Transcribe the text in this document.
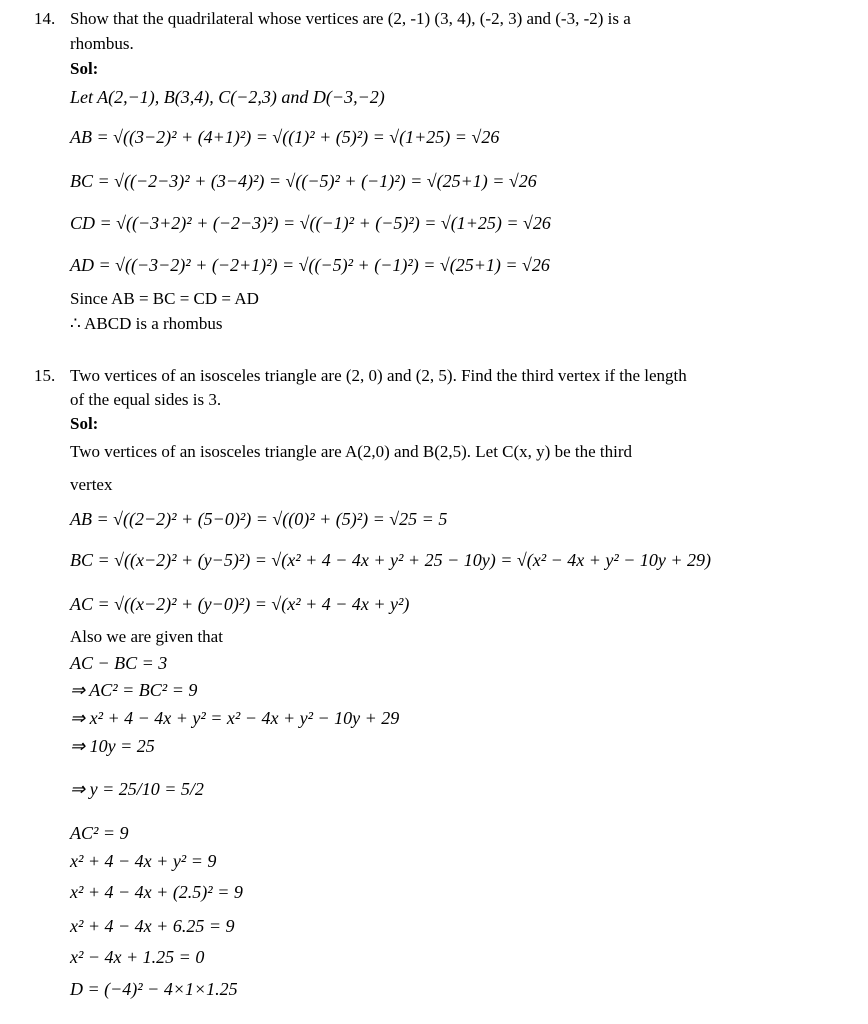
14. Show that the quadrilateral whose vertices are (2, -1) (3, 4), (-2, 3) and (-3, -2) is a
rhombus.
Sol:
Let A(2,−1), B(3,4), C(−2,3) and D(−3,−2)
AB = √((3−2)² + (4+1)²) = √((1)² + (5)²) = √(1+25) = √26
BC = √((−2−3)² + (3−4)²) = √((−5)² + (−1)²) = √(25+1) = √26
CD = √((−3+2)² + (−2−3)²) = √((−1)² + (−5)²) = √(1+25) = √26
AD = √((−3−2)² + (−2+1)²) = √((−5)² + (−1)²) = √(25+1) = √26
Since AB = BC = CD = AD
∴ ABCD is a rhombus
15. Two vertices of an isosceles triangle are (2, 0) and (2, 5). Find the third vertex if the length
of the equal sides is 3.
Sol:
Two vertices of an isosceles triangle are A(2,0) and B(2,5). Let C(x, y) be the third
vertex
AB = √((2−2)² + (5−0)²) = √((0)² + (5)²) = √25 = 5
BC = √((x−2)² + (y−5)²) = √(x² + 4 − 4x + y² + 25 − 10y) = √(x² − 4x + y² − 10y + 29)
AC = √((x−2)² + (y−0)²) = √(x² + 4 − 4x + y²)
Also we are given that
AC − BC = 3
⇒ AC² = BC² = 9
⇒ x² + 4 − 4x + y² = x² − 4x + y² − 10y + 29
⇒ 10y = 25
⇒ y = 25/10 = 5/2
AC² = 9
x² + 4 − 4x + y² = 9
x² + 4 − 4x + (2.5)² = 9
x² + 4 − 4x + 6.25 = 9
x² − 4x + 1.25 = 0
D = (−4)² − 4×1×1.25
